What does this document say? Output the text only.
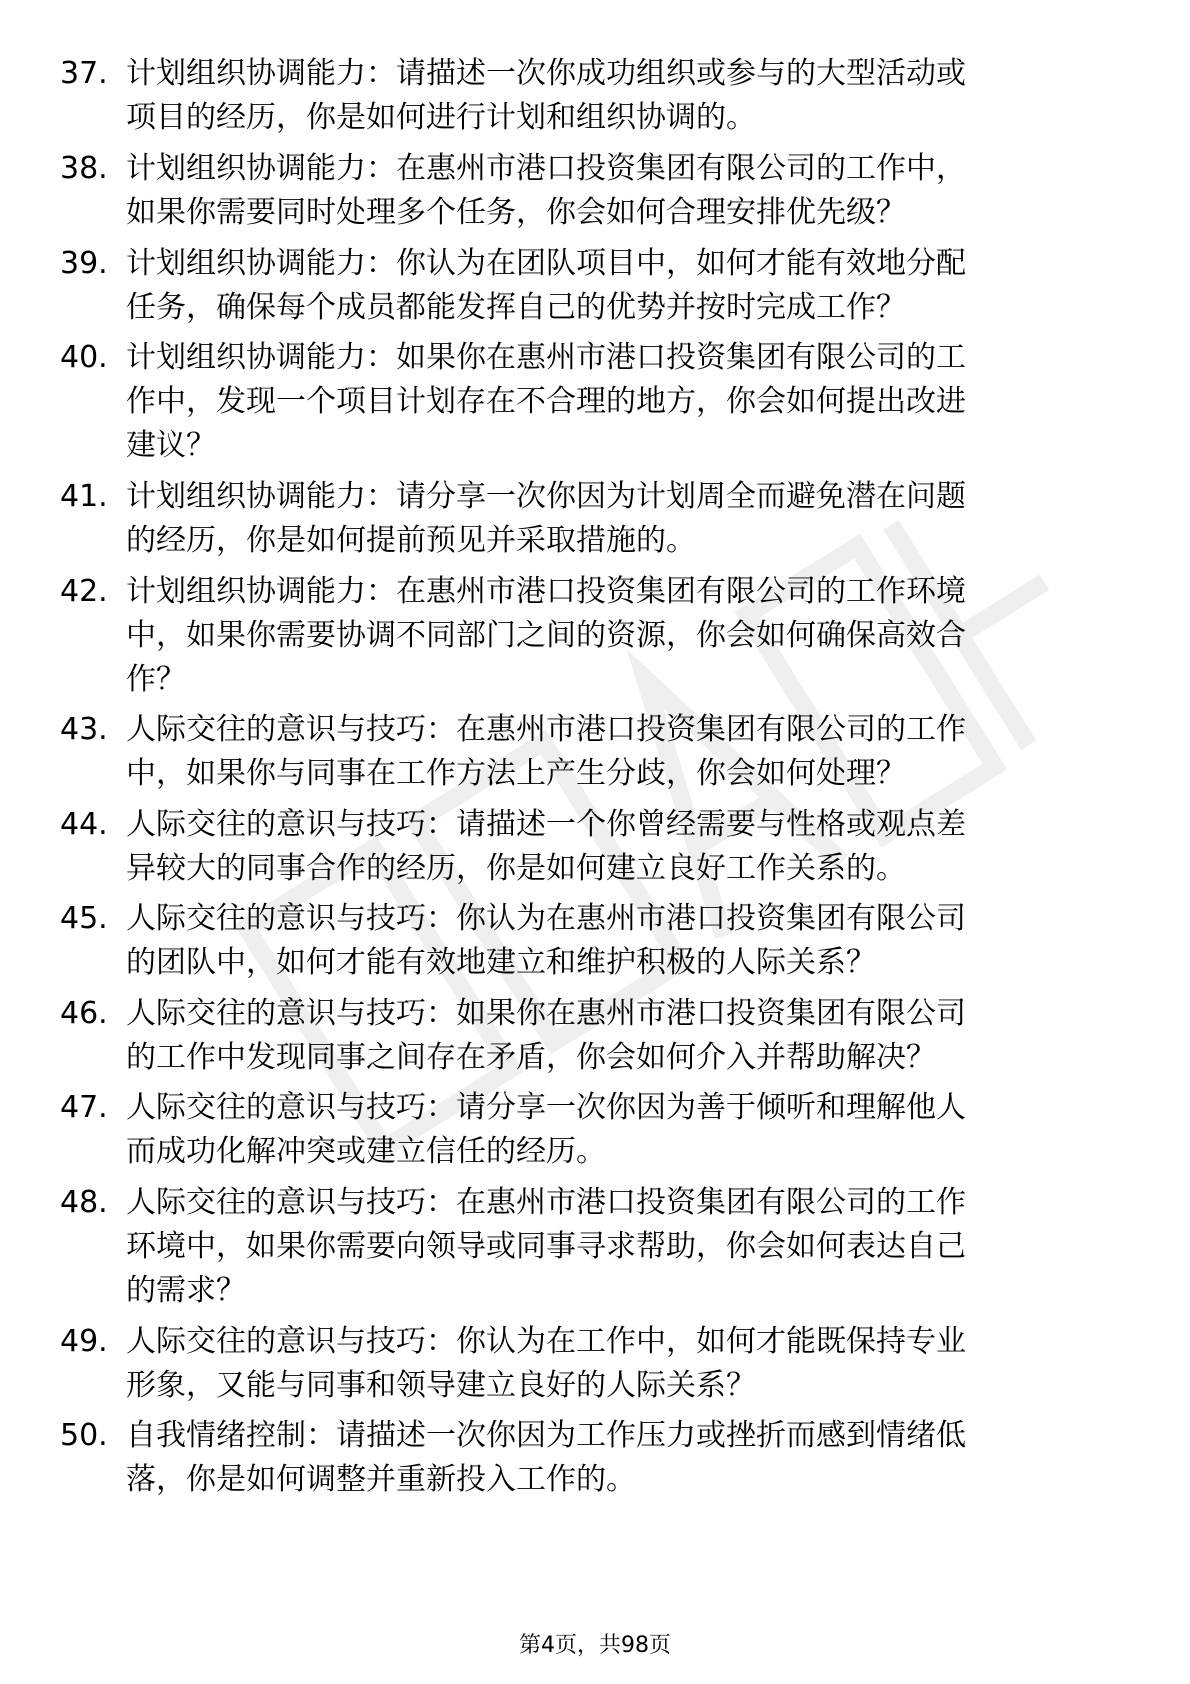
37. 计划组织协调能力：请描述一次你成功组织或参与的大型活动或
项目的经历，你是如何进行计划和组织协调的。
38. 计划组织协调能力：在惠州市港口投资集团有限公司的工作中，
如果你需要同时处理多个任务，你会如何合理安排优先级？
39. 计划组织协调能力：你认为在团队项目中，如何才能有效地分配
任务，确保每个成员都能发挥自己的优势并按时完成工作？
40. 计划组织协调能力：如果你在惠州市港口投资集团有限公司的工
作中，发现一个项目计划存在不合理的地方，你会如何提出改进
建议？
41. 计划组织协调能力：请分享一次你因为计划周全而避免潜在问题
的经历，你是如何提前预见并采取措施的。
42. 计划组织协调能力：在惠州市港口投资集团有限公司的工作环境
中，如果你需要协调不同部门之间的资源，你会如何确保高效合
作？
43. 人际交往的意识与技巧：在惠州市港口投资集团有限公司的工作
中，如果你与同事在工作方法上产生分歧，你会如何处理？
44. 人际交往的意识与技巧：请描述一个你曾经需要与性格或观点差
异较大的同事合作的经历，你是如何建立良好工作关系的。
45. 人际交往的意识与技巧：你认为在惠州市港口投资集团有限公司
的团队中，如何才能有效地建立和维护积极的人际关系？
46. 人际交往的意识与技巧：如果你在惠州市港口投资集团有限公司
的工作中发现同事之间存在矛盾，你会如何介入并帮助解决？
47. 人际交往的意识与技巧：请分享一次你因为善于倾听和理解他人
而成功化解冲突或建立信任的经历。
48. 人际交往的意识与技巧：在惠州市港口投资集团有限公司的工作
环境中，如果你需要向领导或同事寻求帮助，你会如何表达自己
的需求？
49. 人际交往的意识与技巧：你认为在工作中，如何才能既保持专业
形象，又能与同事和领导建立良好的人际关系？
50. 自我情绪控制：请描述一次你因为工作压力或挫折而感到情绪低
落，你是如何调整并重新投入工作的。
第4页，共98页
